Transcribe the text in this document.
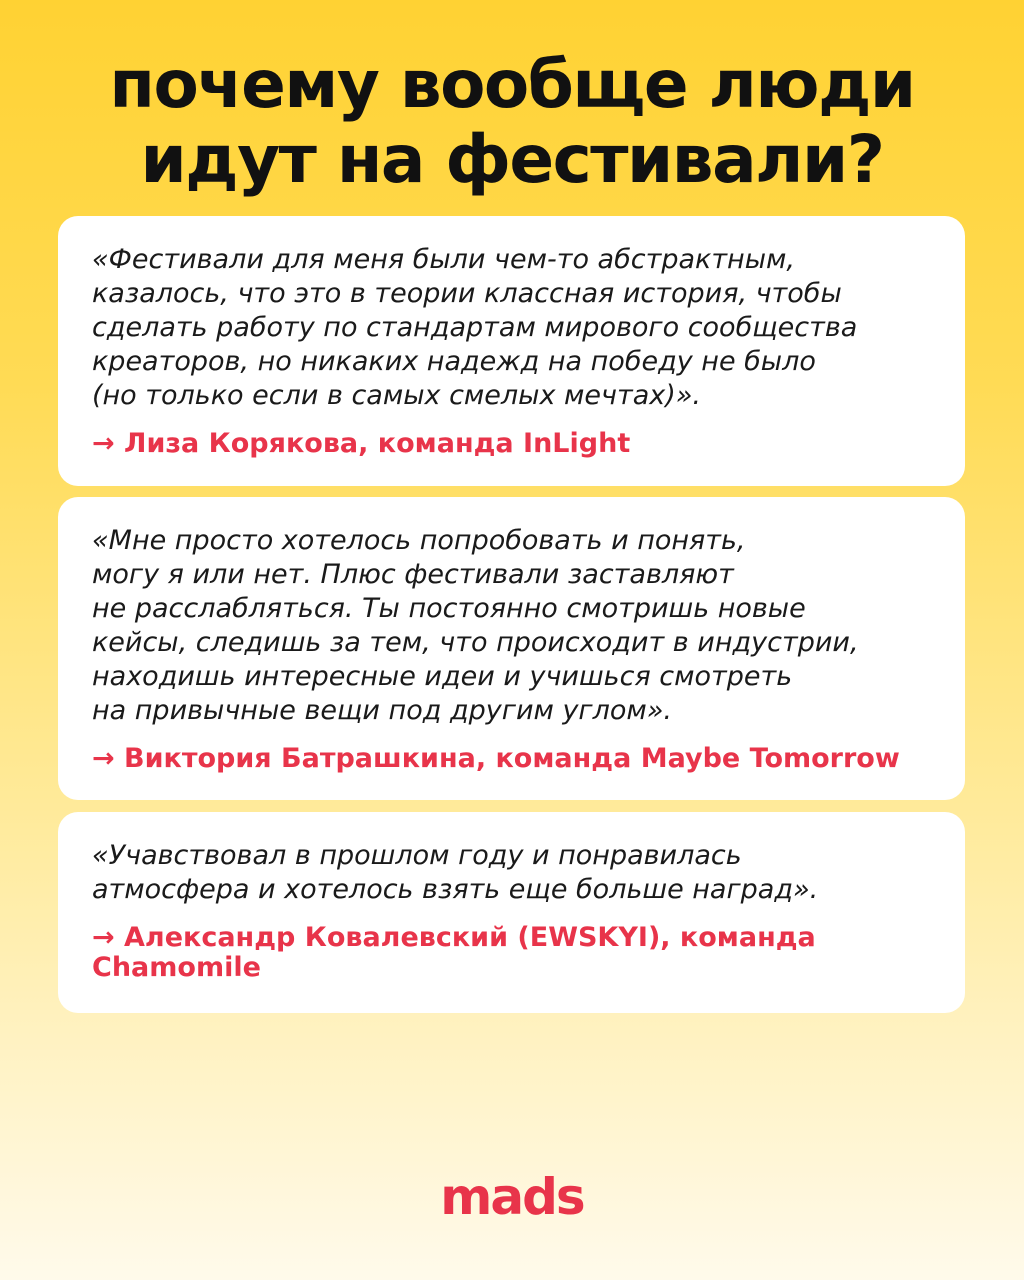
почему вообще люди
идут на фестивали?
«Фестивали для меня были чем-то абстрактным,
казалось, что это в теории классная история, чтобы
сделать работу по стандартам мирового сообщества
креаторов, но никаких надежд на победу не было
(но только если в самых смелых мечтах)».
→ Лиза Корякова, команда InLight
«Мне просто хотелось попробовать и понять,
могу я или нет. Плюс фестивали заставляют
не расслабляться. Ты постоянно смотришь новые
кейсы, следишь за тем, что происходит в индустрии,
находишь интересные идеи и учишься смотреть
на привычные вещи под другим углом».
→ Виктория Батрашкина, команда Maybe Tomorrow
«Учавствовал в прошлом году и понравилась
атмосфера и хотелось взять еще больше наград».
→ Александр Ковалевский (EWSKYI), команда
Chamomile
mads
